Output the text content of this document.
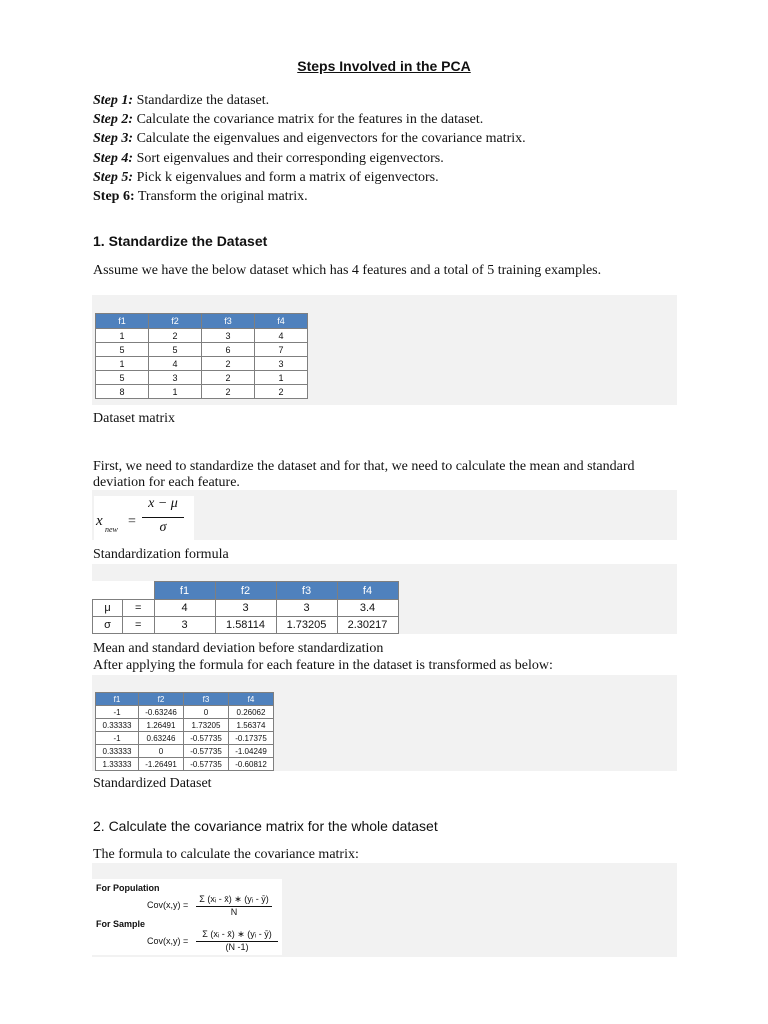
Steps Involved in the PCA
Step 1: Standardize the dataset.
Step 2: Calculate the covariance matrix for the features in the dataset.
Step 3: Calculate the eigenvalues and eigenvectors for the covariance matrix.
Step 4: Sort eigenvalues and their corresponding eigenvectors.
Step 5: Pick k eigenvalues and form a matrix of eigenvectors.
Step 6: Transform the original matrix.
1. Standardize the Dataset
Assume we have the below dataset which has 4 features and a total of 5 training examples.
f1	f2	f3	f4
1	2	3	4
5	5	6	7
1	4	2	3
5	3	2	1
8	1	2	2
Dataset matrix
First, we need to standardize the dataset and for that, we need to calculate the mean and standard deviation for each feature.
x
new
=
x − μ
σ
Standardization formula
		f1	f2	f3	f4
μ	=	4	3	3	3.4
σ	=	3	1.58114	1.73205	2.30217
Mean and standard deviation before standardization
After applying the formula for each feature in the dataset is transformed as below:
f1	f2	f3	f4
-1	-0.63246	0	0.26062
0.33333	1.26491	1.73205	1.56374
-1	0.63246	-0.57735	-0.17375
0.33333	0	-0.57735	-1.04249
1.33333	-1.26491	-0.57735	-0.60812
Standardized Dataset
2. Calculate the covariance matrix for the whole dataset
The formula to calculate the covariance matrix:
For Population
Cov(x,y) =
Σ (xᵢ - x̄) ∗ (yᵢ - ȳ)
N
For Sample
Cov(x,y) =
Σ (xᵢ - x̄) ∗ (yᵢ - ȳ)
(N -1)
